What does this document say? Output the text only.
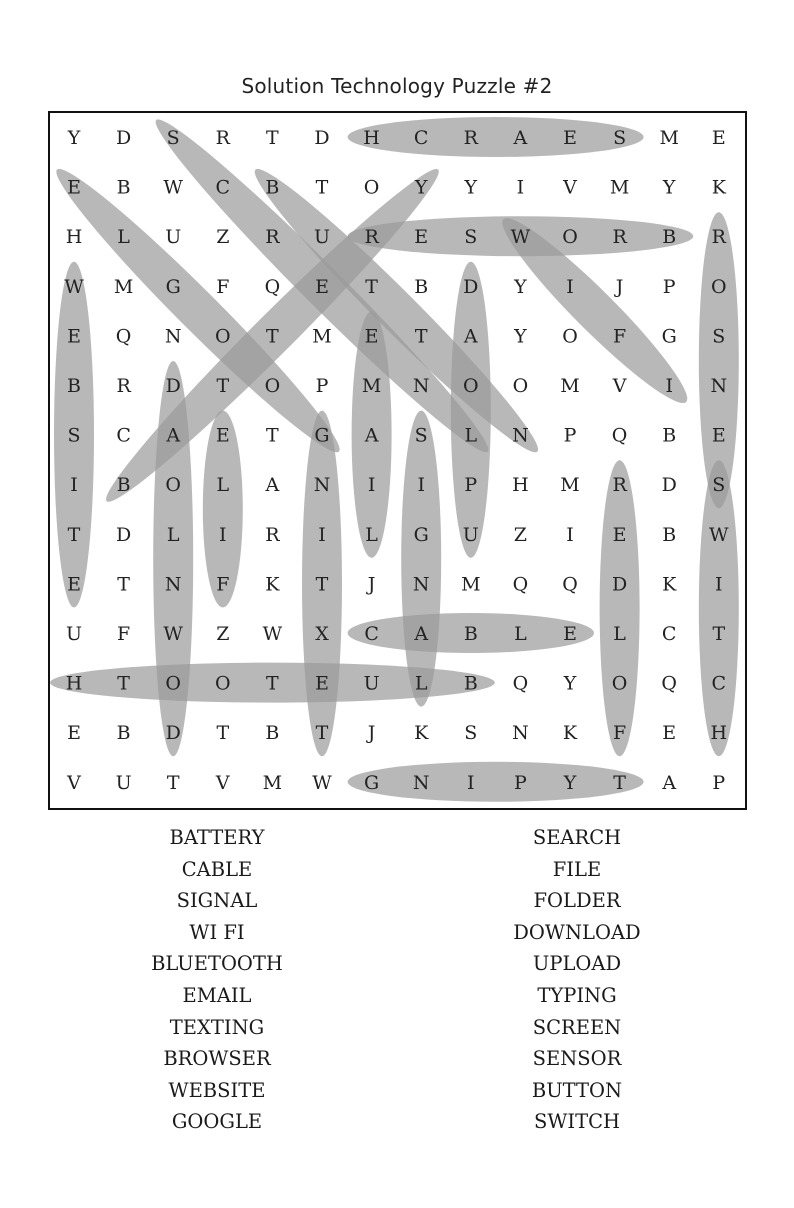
Solution Technology Puzzle #2
Y D S R T D H C R A E S M E
E B W C B T O Y Y I V M Y K
H L U Z R U R E S W O R B R
W M G F Q E T B D Y I J P O
E Q N O T M E T A Y O F G S
B R D T O P M N O O M V I N
S C A E T G A S L N P Q B E
I B O L A N I I P H M R D S
T D L I R I L G U Z I E B W
E T N F K T J N M Q Q D K I
U F W Z W X C A B L E L C T
H T O O T E U L B Q Y O Q C
E B D T B T J K S N K F E H
V U T V M W G N I P Y T A P
BATTERY
CABLE
SIGNAL
WI FI
BLUETOOTH
EMAIL
TEXTING
BROWSER
WEBSITE
GOOGLE
SEARCH
FILE
FOLDER
DOWNLOAD
UPLOAD
TYPING
SCREEN
SENSOR
BUTTON
SWITCH
